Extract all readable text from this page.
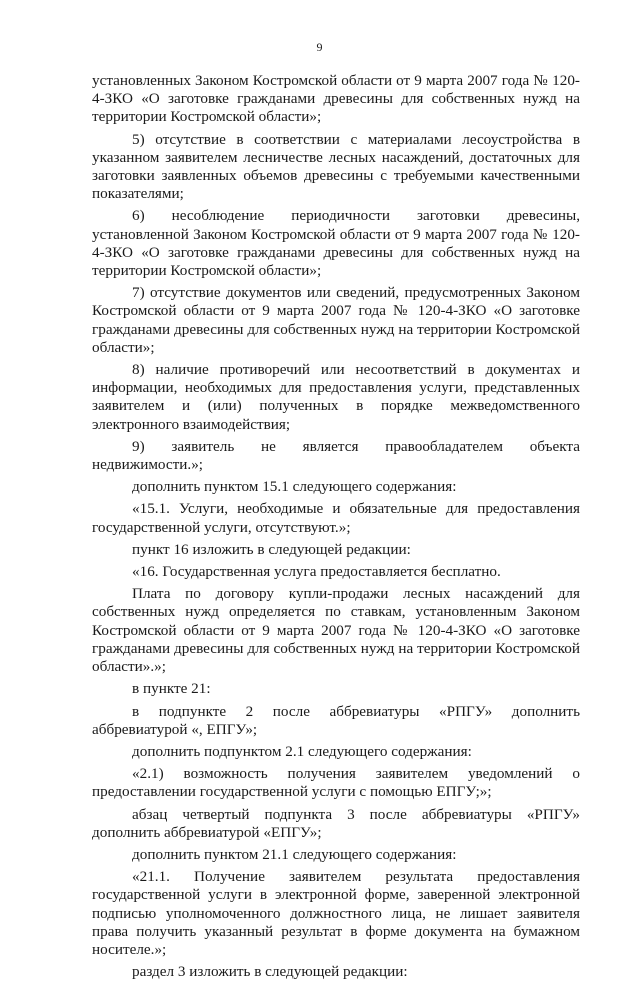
9

установленных Законом Костромской области от 9 марта 2007 года № 120-4-ЗКО «О заготовке гражданами древесины для собственных нужд на территории Костромской области»;

5) отсутствие в соответствии с материалами лесоустройства в указанном заявителем лесничестве лесных насаждений, достаточных для заготовки заявленных объемов древесины с требуемыми качественными показателями;

6) несоблюдение периодичности заготовки древесины, установленной Законом Костромской области от 9 марта 2007 года № 120-4-ЗКО «О заготовке гражданами древесины для собственных нужд на территории Костромской области»;

7) отсутствие документов или сведений, предусмотренных Законом Костромской области от 9 марта 2007 года № 120-4-ЗКО «О заготовке гражданами древесины для собственных нужд на территории Костромской области»;

8) наличие противоречий или несоответствий в документах и информации, необходимых для предоставления услуги, представленных заявителем и (или) полученных в порядке межведомственного электронного взаимодействия;

9) заявитель не является правообладателем объекта недвижимости.»;

дополнить пунктом 15.1 следующего содержания:

«15.1. Услуги, необходимые и обязательные для предоставления государственной услуги, отсутствуют.»;

пункт 16 изложить в следующей редакции:

«16. Государственная услуга предоставляется бесплатно.

Плата по договору купли-продажи лесных насаждений для собственных нужд определяется по ставкам, установленным Законом Костромской области от 9 марта 2007 года № 120-4-ЗКО «О заготовке гражданами древесины для собственных нужд на территории Костромской области».»;

в пункте 21:

в подпункте 2 после аббревиатуры «РПГУ» дополнить аббревиатурой «, ЕПГУ»;

дополнить подпунктом 2.1 следующего содержания:

«2.1) возможность получения заявителем уведомлений о предоставлении государственной услуги с помощью ЕПГУ;»;

абзац четвертый подпункта 3 после аббревиатуры «РПГУ» дополнить аббревиатурой «ЕПГУ»;

дополнить пунктом 21.1 следующего содержания:

«21.1. Получение заявителем результата предоставления государственной услуги в электронной форме, заверенной электронной подписью уполномоченного должностного лица, не лишает заявителя права получить указанный результат в форме документа на бумажном носителе.»;

раздел 3 изложить в следующей редакции:
